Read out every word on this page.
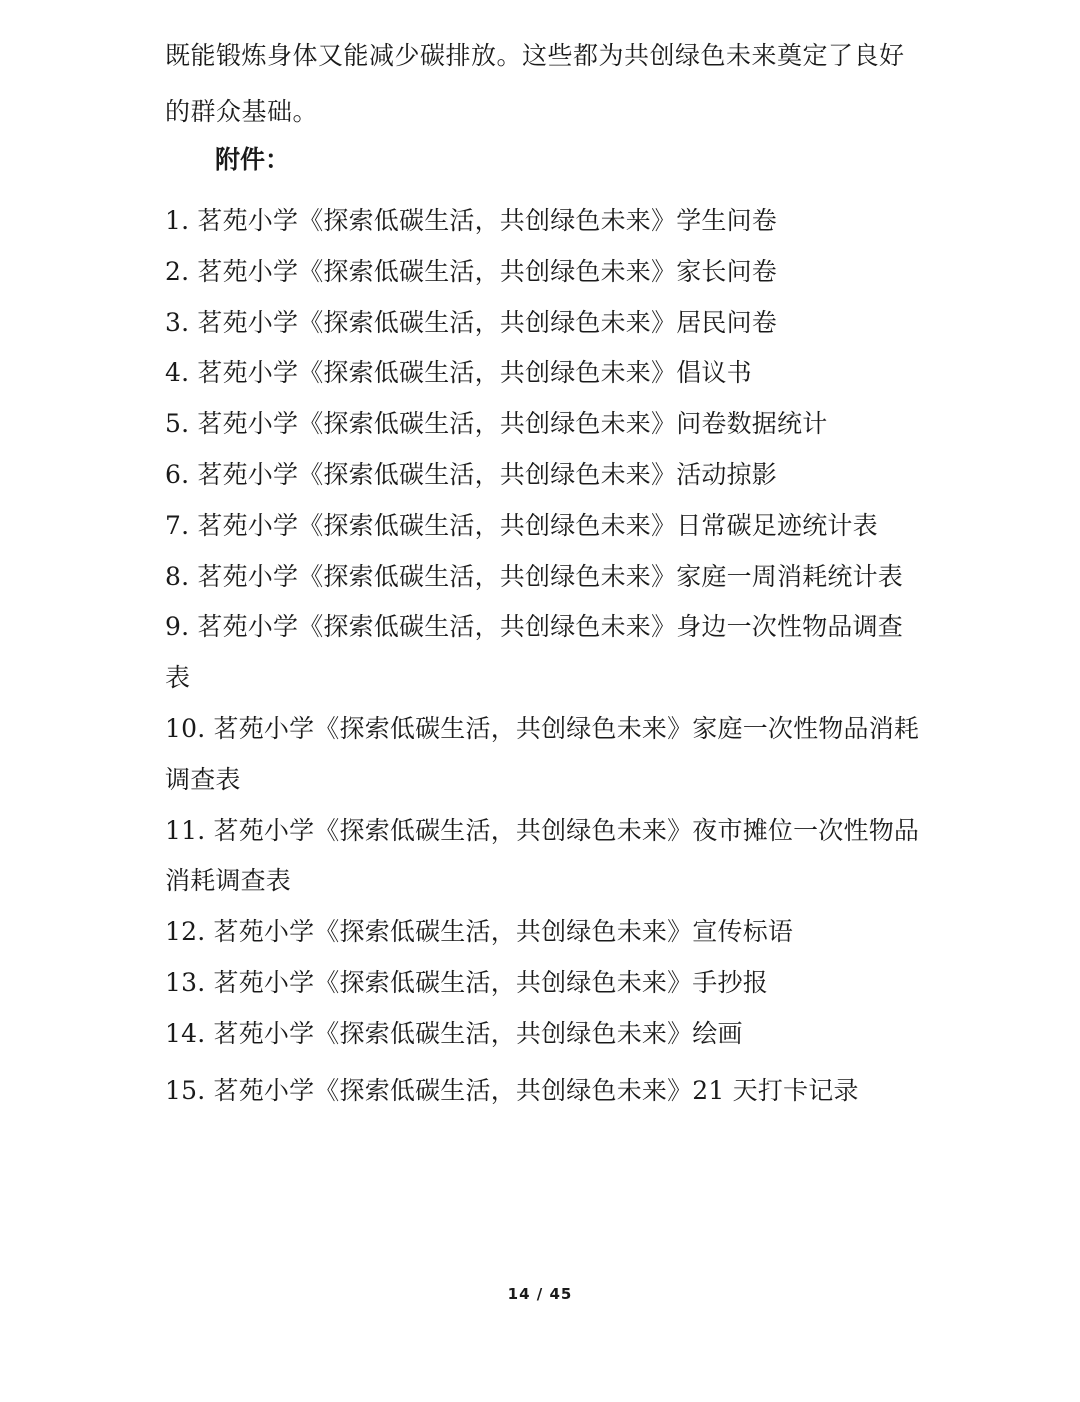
既能锻炼身体又能减少碳排放。这些都为共创绿色未来奠定了良好的群众基础。

附件：

1. 茗苑小学《探索低碳生活，共创绿色未来》学生问卷
2. 茗苑小学《探索低碳生活，共创绿色未来》家长问卷
3. 茗苑小学《探索低碳生活，共创绿色未来》居民问卷
4. 茗苑小学《探索低碳生活，共创绿色未来》倡议书
5. 茗苑小学《探索低碳生活，共创绿色未来》问卷数据统计
6. 茗苑小学《探索低碳生活，共创绿色未来》活动掠影
7. 茗苑小学《探索低碳生活，共创绿色未来》日常碳足迹统计表
8. 茗苑小学《探索低碳生活，共创绿色未来》家庭一周消耗统计表
9. 茗苑小学《探索低碳生活，共创绿色未来》身边一次性物品调查表
10. 茗苑小学《探索低碳生活，共创绿色未来》家庭一次性物品消耗调查表
11. 茗苑小学《探索低碳生活，共创绿色未来》夜市摊位一次性物品消耗调查表
12. 茗苑小学《探索低碳生活，共创绿色未来》宣传标语
13. 茗苑小学《探索低碳生活，共创绿色未来》手抄报
14. 茗苑小学《探索低碳生活，共创绿色未来》绘画
15. 茗苑小学《探索低碳生活，共创绿色未来》21 天打卡记录
14 / 45
